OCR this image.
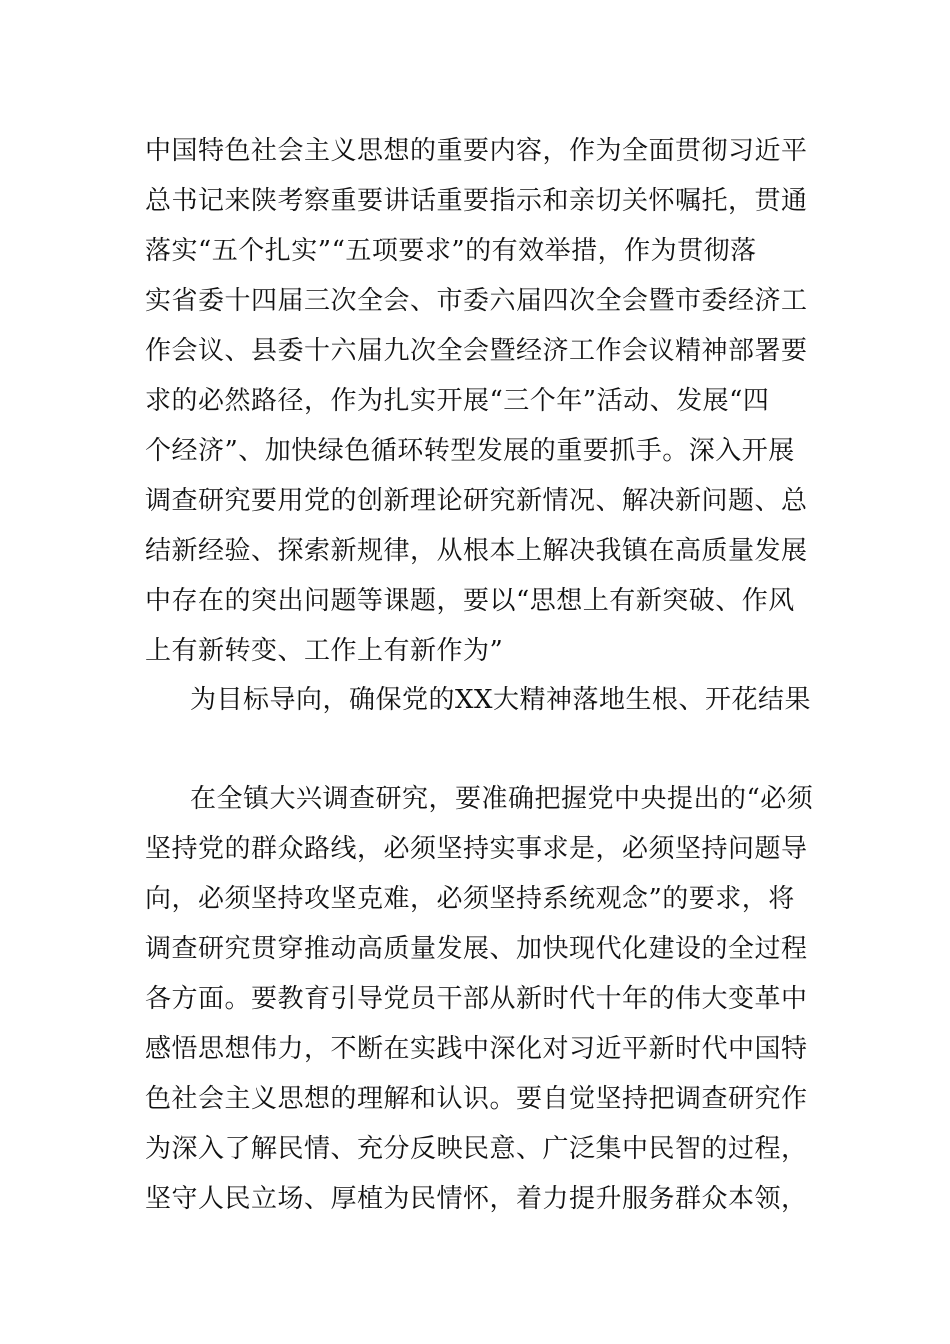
中国特色社会主义思想的重要内容，作为全面贯彻习近平
总书记来陕考察重要讲话重要指示和亲切关怀嘱托，贯通
落实“五个扎实”“五项要求”的有效举措，作为贯彻落
实省委十四届三次全会、市委六届四次全会暨市委经济工
作会议、县委十六届九次全会暨经济工作会议精神部署要
求的必然路径，作为扎实开展“三个年”活动、发展“四
个经济”、加快绿色循环转型发展的重要抓手。深入开展
调查研究要用党的创新理论研究新情况、解决新问题、总
结新经验、探索新规律，从根本上解决我镇在高质量发展
中存在的突出问题等课题，要以“思想上有新突破、作风
上有新转变、工作上有新作为”
为目标导向，确保党的XX大精神落地生根、开花结果
在全镇大兴调查研究，要准确把握党中央提出的“必须
坚持党的群众路线，必须坚持实事求是，必须坚持问题导
向，必须坚持攻坚克难，必须坚持系统观念”的要求，将
调查研究贯穿推动高质量发展、加快现代化建设的全过程
各方面。要教育引导党员干部从新时代十年的伟大变革中
感悟思想伟力，不断在实践中深化对习近平新时代中国特
色社会主义思想的理解和认识。要自觉坚持把调查研究作
为深入了解民情、充分反映民意、广泛集中民智的过程，
坚守人民立场、厚植为民情怀，着力提升服务群众本领，
